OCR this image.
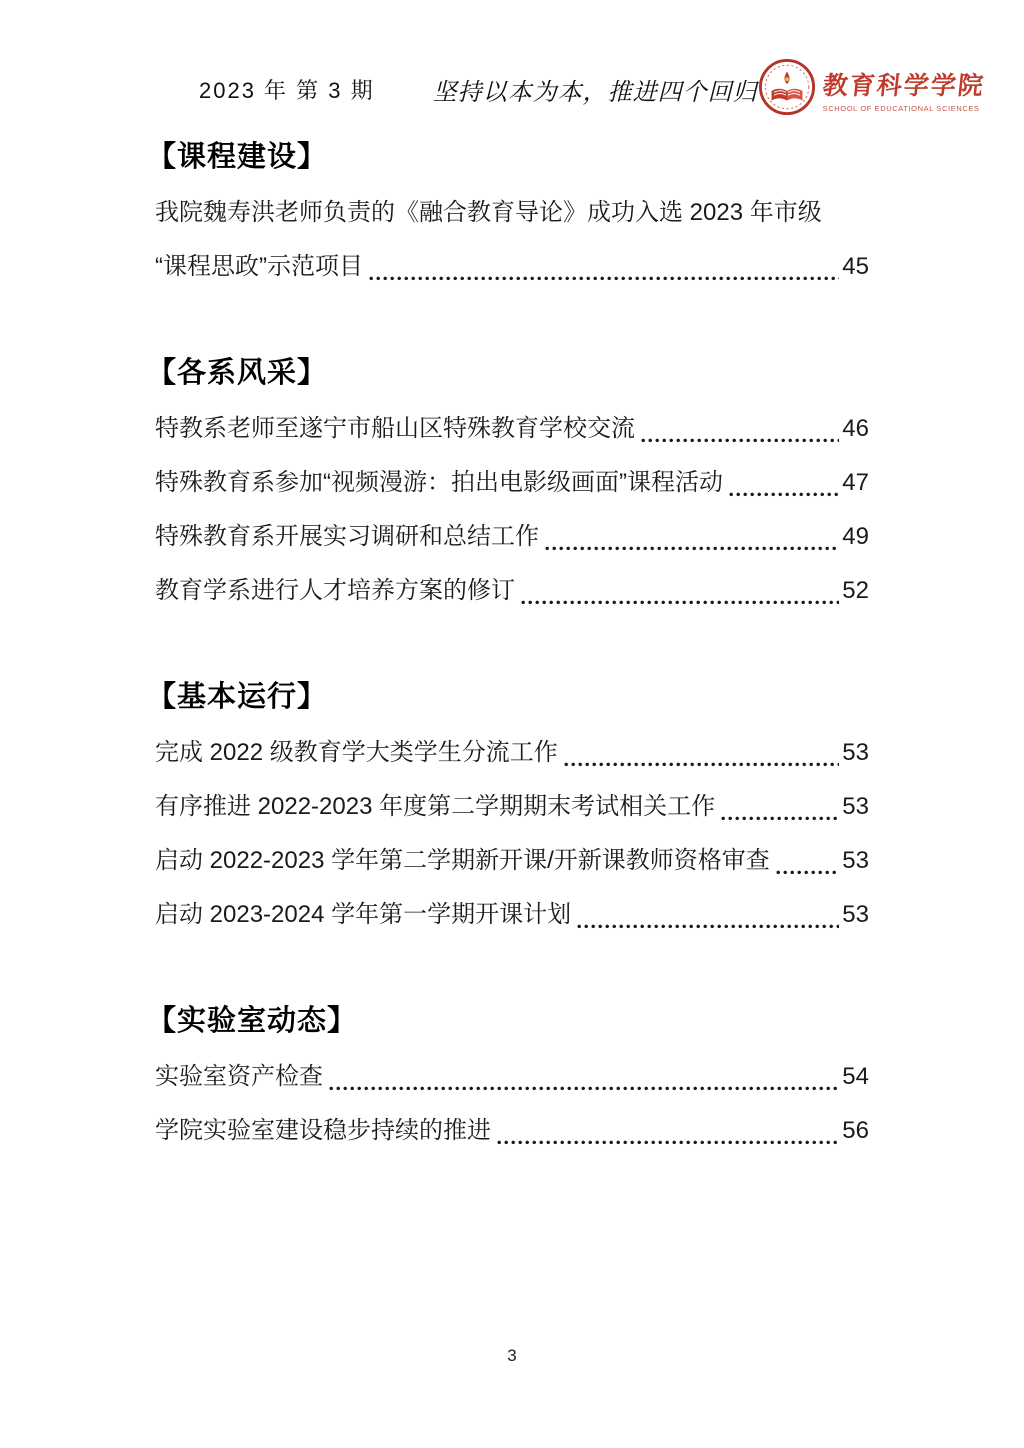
2023 年 第 3 期 坚持以本为本，推进四个回归	教育科学学院
SCHOOL OF EDUCATIONAL SCIENCES
【课程建设】
我院魏寿洪老师负责的《融合教育导论》成功入选 2023 年市级
“课程思政”示范项目	45
【各系风采】
特教系老师至遂宁市船山区特殊教育学校交流	46
特殊教育系参加“视频漫游：拍出电影级画面”课程活动	47
特殊教育系开展实习调研和总结工作	49
教育学系进行人才培养方案的修订	52
【基本运行】
完成 2022 级教育学大类学生分流工作	53
有序推进 2022-2023 年度第二学期期末考试相关工作	53
启动 2022-2023 学年第二学期新开课/开新课教师资格审查	53
启动 2023-2024 学年第一学期开课计划	53
【实验室动态】
实验室资产检查	54
学院实验室建设稳步持续的推进	56
3
